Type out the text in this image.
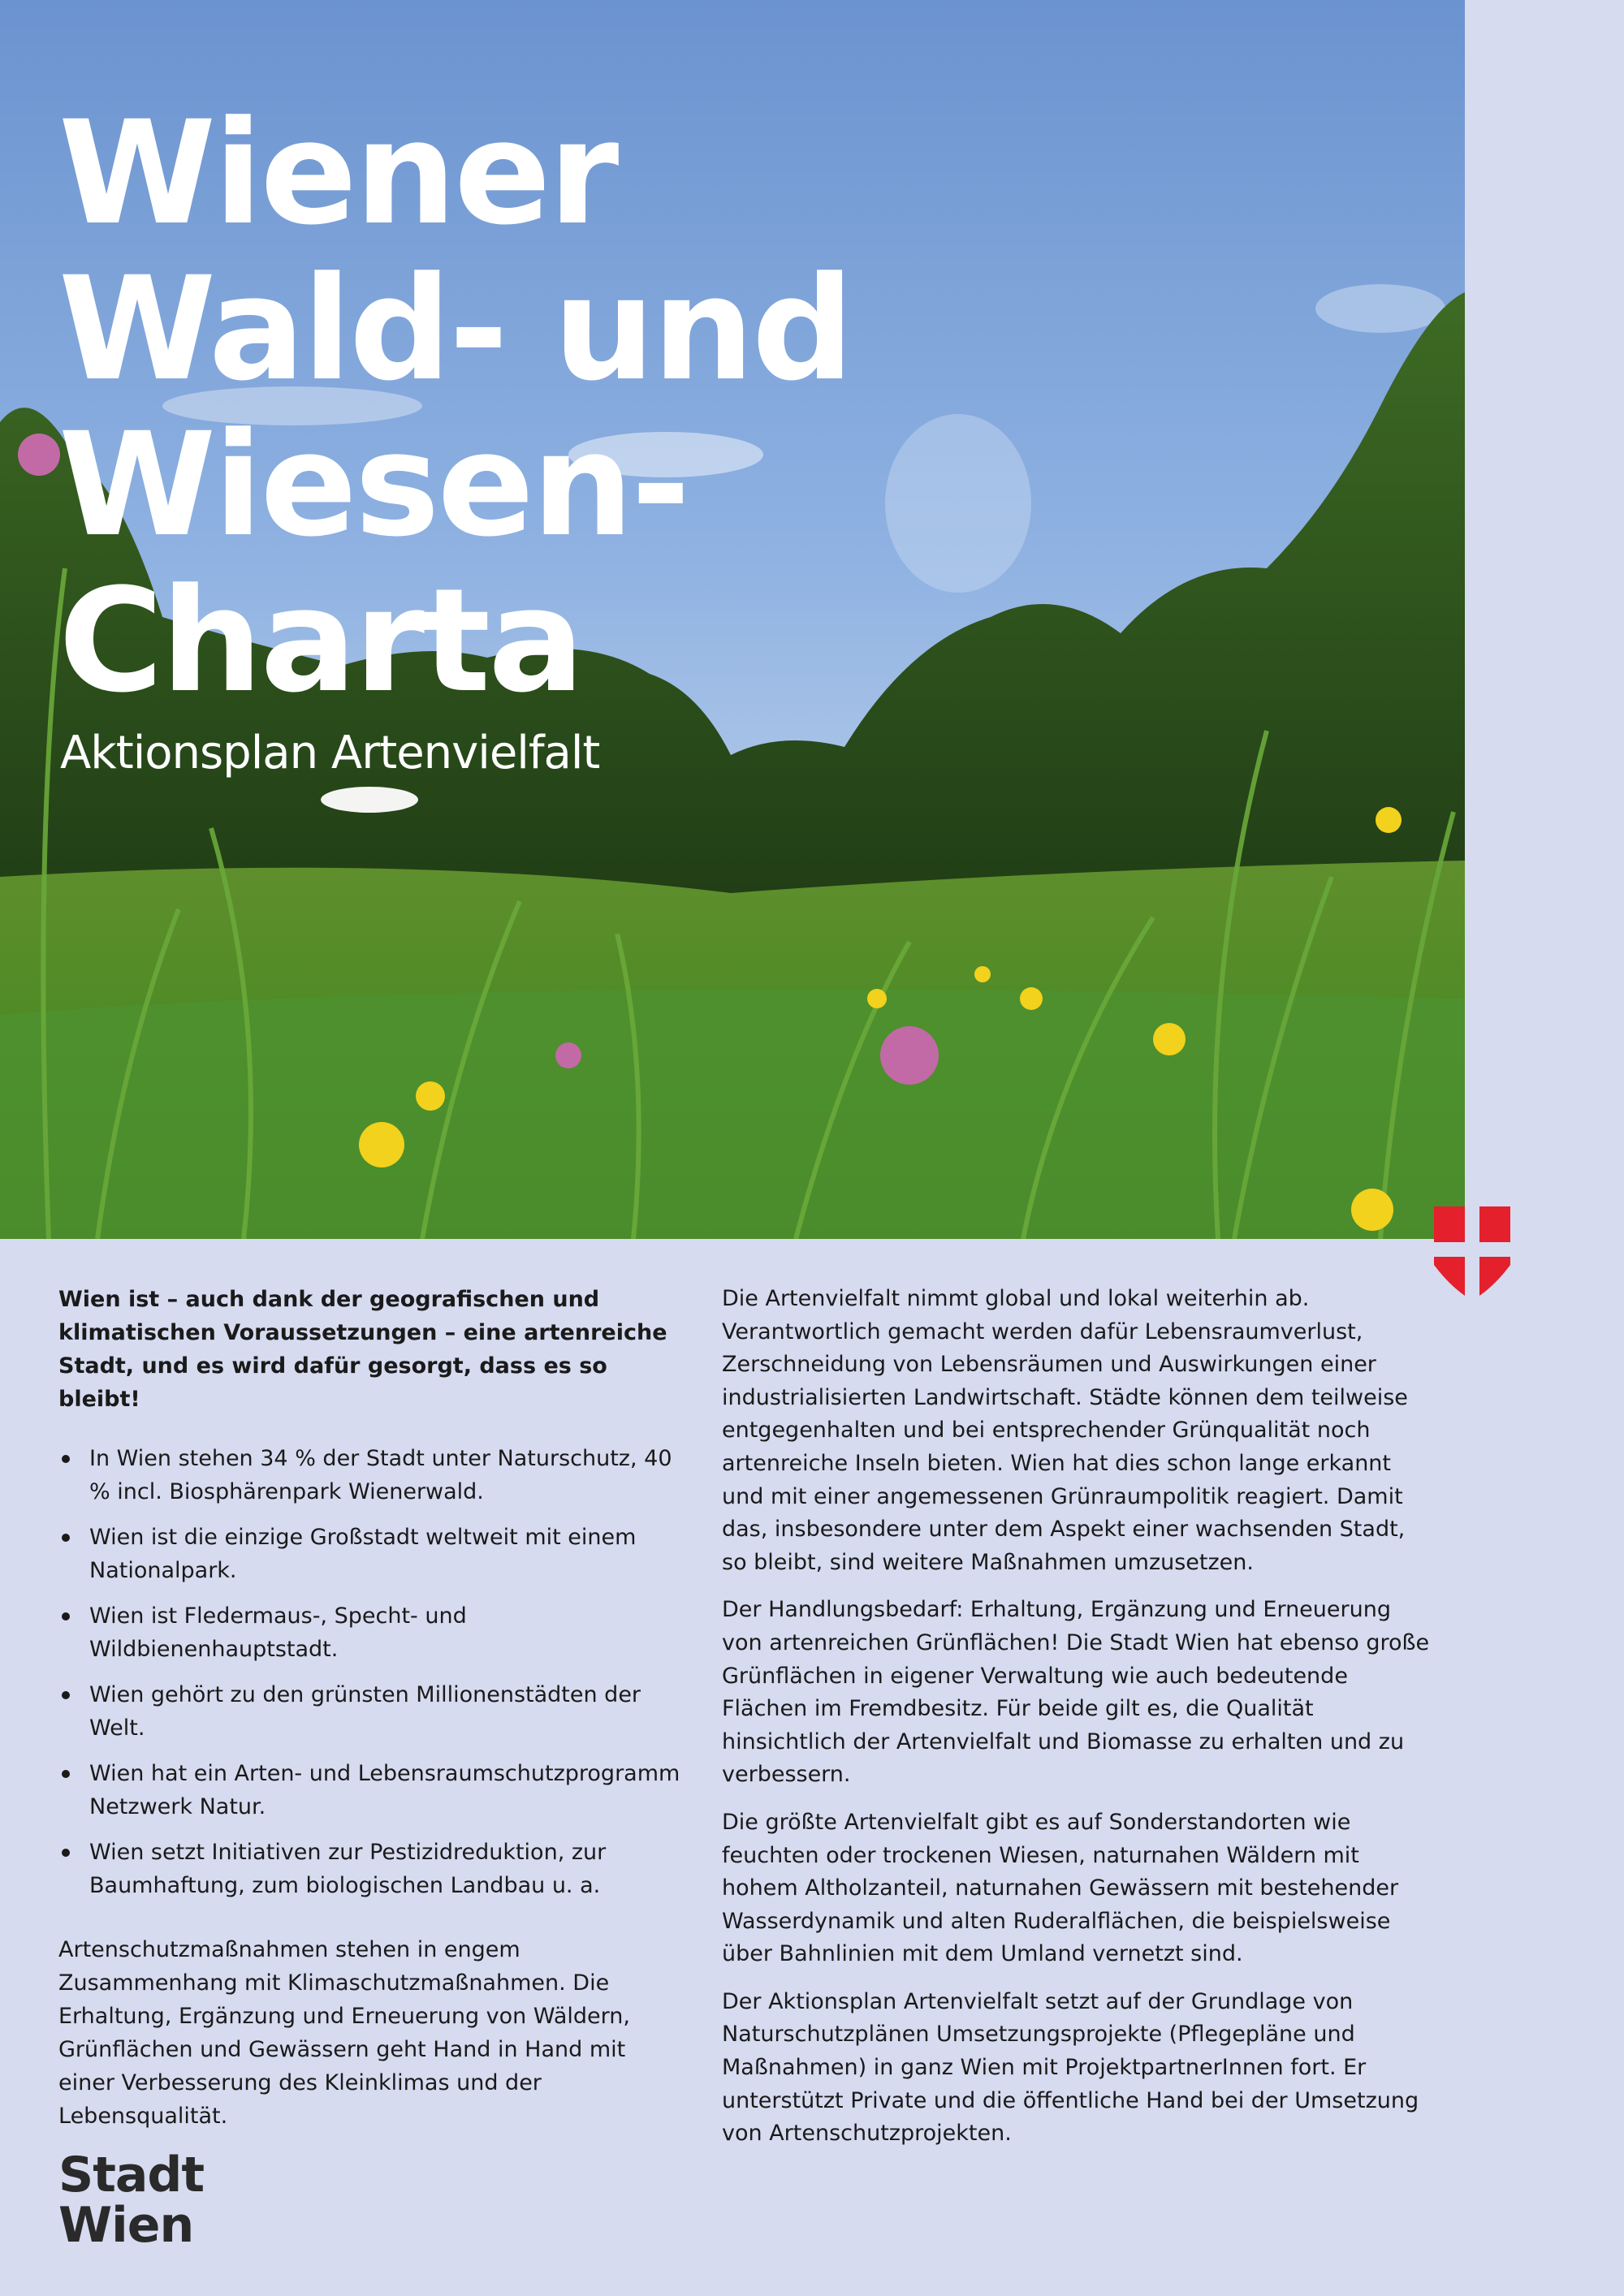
Wiener
Wald- und
Wiesen-
Charta

Aktionsplan Artenvielfalt

Wien ist – auch dank der geografischen und klimatischen Voraussetzungen – eine artenreiche Stadt, und es wird dafür gesorgt, dass es so bleibt!

In Wien stehen 34 % der Stadt unter Naturschutz, 40 % incl. Biosphärenpark Wienerwald.
Wien ist die einzige Großstadt weltweit mit einem Nationalpark.
Wien ist Fledermaus-, Specht- und Wildbienenhauptstadt.
Wien gehört zu den grünsten Millionenstädten der Welt.
Wien hat ein Arten- und Lebensraumschutzprogramm Netzwerk Natur.
Wien setzt Initiativen zur Pestizidreduktion, zur Baumhaftung, zum biologischen Landbau u. a.

Artenschutzmaßnahmen stehen in engem Zusammenhang mit Klimaschutzmaßnahmen. Die Erhaltung, Ergänzung und Erneuerung von Wäldern, Grünflächen und Gewässern geht Hand in Hand mit einer Verbesserung des Kleinklimas und der Lebensqualität.

Die Artenvielfalt nimmt global und lokal weiterhin ab. Verantwortlich gemacht werden dafür Lebensraumverlust, Zerschneidung von Lebensräumen und Auswirkungen einer industrialisierten Landwirtschaft. Städte können dem teilweise entgegenhalten und bei entsprechender Grünqualität noch artenreiche Inseln bieten. Wien hat dies schon lange erkannt und mit einer angemessenen Grünraumpolitik reagiert. Damit das, insbesondere unter dem Aspekt einer wachsenden Stadt, so bleibt, sind weitere Maßnahmen umzusetzen.

Der Handlungsbedarf: Erhaltung, Ergänzung und Erneuerung von artenreichen Grünflächen! Die Stadt Wien hat ebenso große Grünflächen in eigener Verwaltung wie auch bedeutende Flächen im Fremdbesitz. Für beide gilt es, die Qualität hinsichtlich der Artenvielfalt und Biomasse zu erhalten und zu verbessern.

Die größte Artenvielfalt gibt es auf Sonderstandorten wie feuchten oder trockenen Wiesen, naturnahen Wäldern mit hohem Altholzanteil, naturnahen Gewässern mit bestehender Wasserdynamik und alten Ruderalflächen, die beispielsweise über Bahnlinien mit dem Umland vernetzt sind.

Der Aktionsplan Artenvielfalt setzt auf der Grundlage von Naturschutzplänen Umsetzungsprojekte (Pflegepläne und Maßnahmen) in ganz Wien mit ProjektpartnerInnen fort. Er unterstützt Private und die öffentliche Hand bei der Umsetzung von Artenschutzprojekten.

Stadt
Wien
